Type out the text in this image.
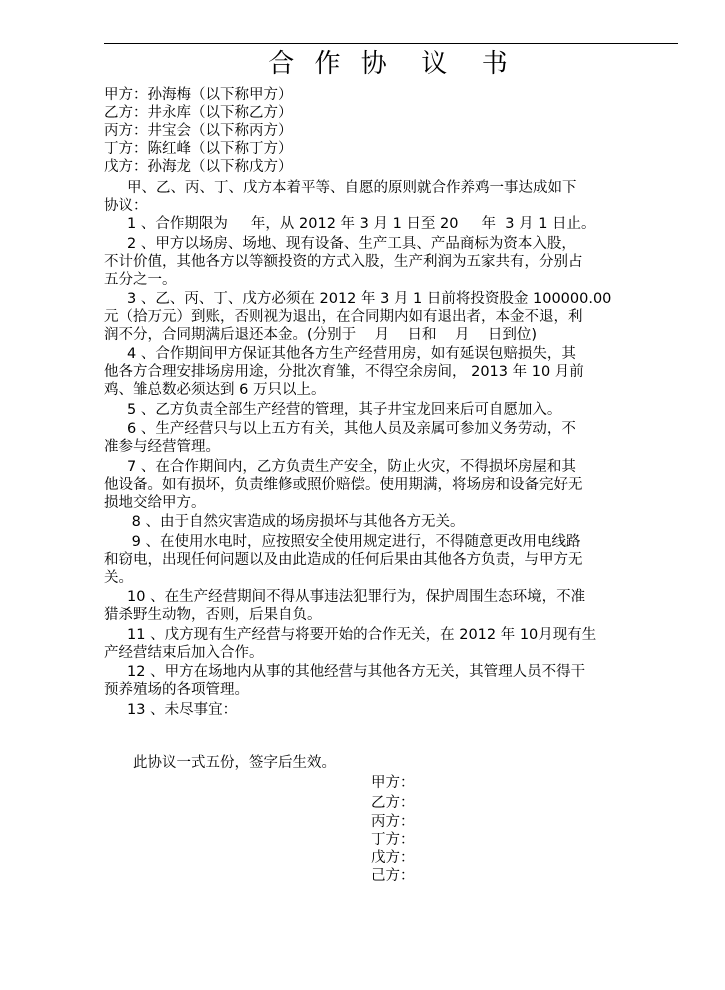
合 作 协  议  书
甲方：孙海梅（以下称甲方）
乙方：井永库（以下称乙方）
丙方：井宝会（以下称丙方）
丁方：陈红峰（以下称丁方）
戊方：孙海龙（以下称戊方）
甲、乙、丙、丁、戊方本着平等、自愿的原则就合作养鸡一事达成如下
协议：
1 、合作期限为     年，从 2012 年 3 月 1 日至 20     年  3 月 1 日止。
2 、甲方以场房、场地、现有设备、生产工具、产品商标为资本入股，
不计价值，其他各方以等额投资的方式入股，生产利润为五家共有，分别占
五分之一。
3 、乙、丙、丁、戊方必须在 2012 年 3 月 1 日前将投资股金 100000.00
元（拾万元）到账，否则视为退出，在合同期内如有退出者，本金不退，利
润不分，合同期满后退还本金。(分别于    月    日和    月    日到位)
4 、合作期间甲方保证其他各方生产经营用房，如有延误包赔损失，其
他各方合理安排场房用途，分批次育雏，不得空余房间， 2013 年 10 月前
鸡、雏总数必须达到 6 万只以上。
5 、乙方负责全部生产经营的管理，其子井宝龙回来后可自愿加入。
6 、生产经营只与以上五方有关，其他人员及亲属可参加义务劳动，不
准参与经营管理。
7 、在合作期间内，乙方负责生产安全，防止火灾，不得损坏房屋和其
他设备。如有损坏，负责维修或照价赔偿。使用期满，将场房和设备完好无
损地交给甲方。
8 、由于自然灾害造成的场房损坏与其他各方无关。
9 、在使用水电时，应按照安全使用规定进行，不得随意更改用电线路
和窃电，出现任何问题以及由此造成的任何后果由其他各方负责，与甲方无
关。
10 、在生产经营期间不得从事违法犯罪行为，保护周围生态环境，不准
猎杀野生动物，否则，后果自负。
11 、戊方现有生产经营与将要开始的合作无关，在 2012 年 10月现有生
产经营结束后加入合作。
12 、甲方在场地内从事的其他经营与其他各方无关，其管理人员不得干
预养殖场的各项管理。
13 、未尽事宜：
此协议一式五份，签字后生效。
甲方：
乙方：
丙方：
丁方：
戊方：
己方：
